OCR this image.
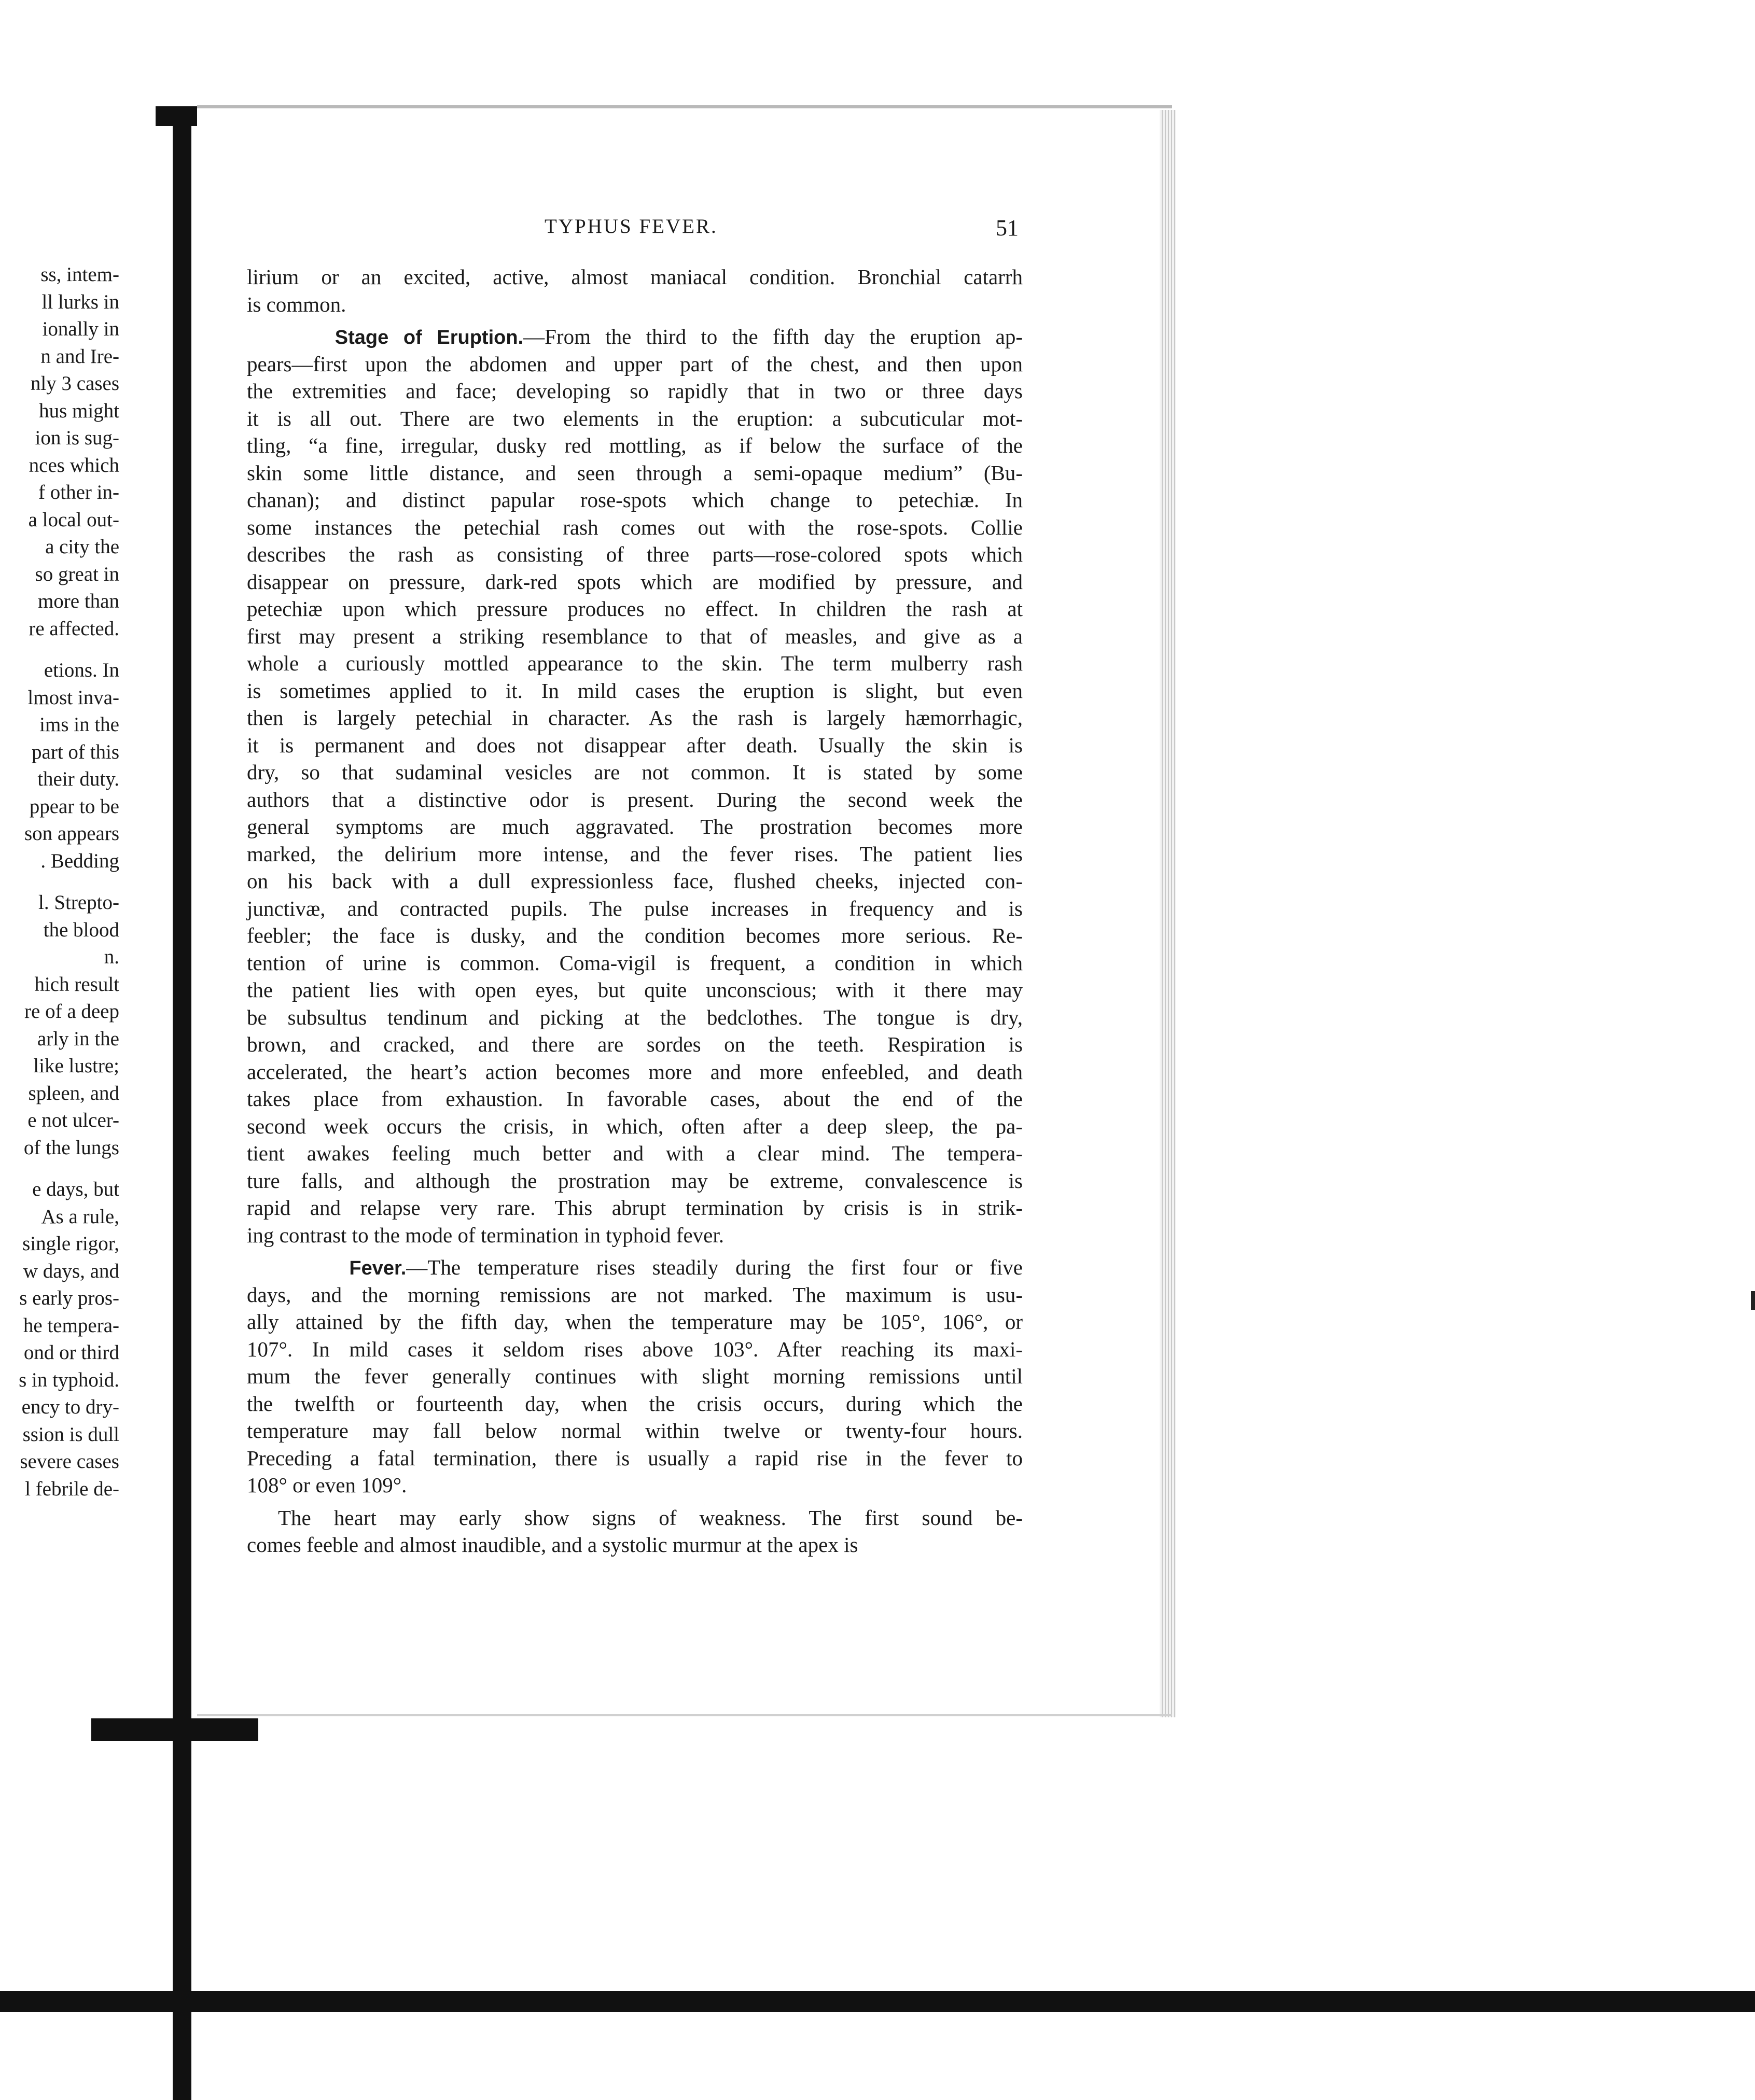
ss, intem-
ll lurks in
ionally in
n and Ire-
nly 3 cases
hus might
ion is sug-
nces which
f other in-
a local out-
a city the
so great in
more than
re affected.
etions. In
lmost inva-
ims in the
part of this
their duty.
ppear to be
son appears
. Bedding
l. Strepto-
the blood
n.
hich result
re of a deep
arly in the
like lustre;
spleen, and
e not ulcer-
of the lungs
e days, but
As a rule,
single rigor,
w days, and
s early pros-
he tempera-
ond or third
s in typhoid.
ency to dry-
ssion is dull
severe cases
l febrile de-
TYPHUS FEVER.	51
lirium or an excited, active, almost maniacal condition. Bronchial catarrh
is common.
Stage of Eruption.—From the third to the fifth day the eruption ap-
pears—first upon the abdomen and upper part of the chest, and then upon
the extremities and face; developing so rapidly that in two or three days
it is all out. There are two elements in the eruption: a subcuticular mot-
tling, “a fine, irregular, dusky red mottling, as if below the surface of the
skin some little distance, and seen through a semi-opaque medium” (Bu-
chanan); and distinct papular rose-spots which change to petechiæ. In
some instances the petechial rash comes out with the rose-spots. Collie
describes the rash as consisting of three parts—rose-colored spots which
disappear on pressure, dark-red spots which are modified by pressure, and
petechiæ upon which pressure produces no effect. In children the rash at
first may present a striking resemblance to that of measles, and give as a
whole a curiously mottled appearance to the skin. The term mulberry rash
is sometimes applied to it. In mild cases the eruption is slight, but even
then is largely petechial in character. As the rash is largely hæmorrhagic,
it is permanent and does not disappear after death. Usually the skin is
dry, so that sudaminal vesicles are not common. It is stated by some
authors that a distinctive odor is present. During the second week the
general symptoms are much aggravated. The prostration becomes more
marked, the delirium more intense, and the fever rises. The patient lies
on his back with a dull expressionless face, flushed cheeks, injected con-
junctivæ, and contracted pupils. The pulse increases in frequency and is
feebler; the face is dusky, and the condition becomes more serious. Re-
tention of urine is common. Coma-vigil is frequent, a condition in which
the patient lies with open eyes, but quite unconscious; with it there may
be subsultus tendinum and picking at the bedclothes. The tongue is dry,
brown, and cracked, and there are sordes on the teeth. Respiration is
accelerated, the heart’s action becomes more and more enfeebled, and death
takes place from exhaustion. In favorable cases, about the end of the
second week occurs the crisis, in which, often after a deep sleep, the pa-
tient awakes feeling much better and with a clear mind. The tempera-
ture falls, and although the prostration may be extreme, convalescence is
rapid and relapse very rare. This abrupt termination by crisis is in strik-
ing contrast to the mode of termination in typhoid fever.
Fever.—The temperature rises steadily during the first four or five
days, and the morning remissions are not marked. The maximum is usu-
ally attained by the fifth day, when the temperature may be 105°, 106°, or
107°. In mild cases it seldom rises above 103°. After reaching its maxi-
mum the fever generally continues with slight morning remissions until
the twelfth or fourteenth day, when the crisis occurs, during which the
temperature may fall below normal within twelve or twenty-four hours.
Preceding a fatal termination, there is usually a rapid rise in the fever to
108° or even 109°.
The heart may early show signs of weakness. The first sound be-
comes feeble and almost inaudible, and a systolic murmur at the apex is
